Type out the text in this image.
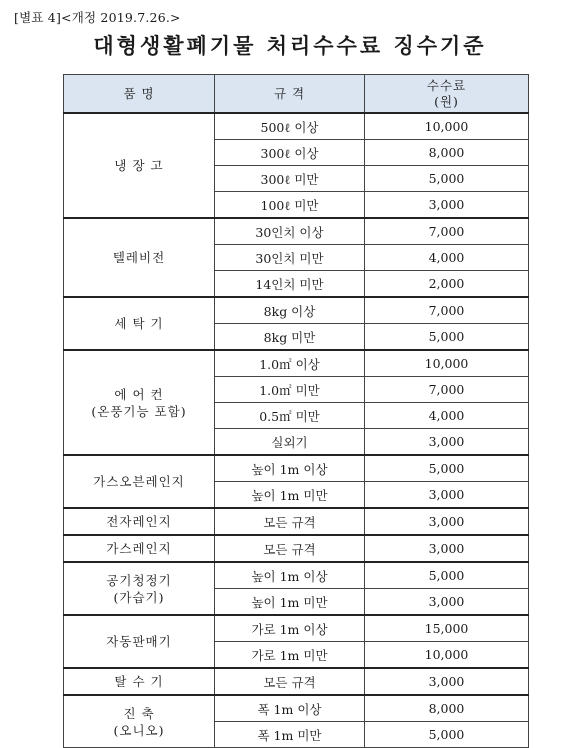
[별표 4]<개정 2019.7.26.>
대형생활폐기물 처리수수료 징수기준
품 명	규 격	수수료
(원)

냉 장 고	500ℓ 이상	10,000
	300ℓ 이상	8,000
	300ℓ 미만	5,000
	100ℓ 미만	3,000

텔레비전	30인치 이상	7,000
	30인치 미만	4,000
	14인치 미만	2,000

세 탁 기	8kg 이상	7,000
	8kg 미만	5,000

에 어 컨
(온풍기능 포함)	1.0㎡ 이상	10,000
	1.0㎡ 미만	7,000
	0.5㎡ 미만	4,000
	실외기	3,000

가스오븐레인지	높이 1m 이상	5,000
	높이 1m 미만	3,000

전자레인지	모든 규격	3,000

가스레인지	모든 규격	3,000

공기청정기
(가습기)	높이 1m 이상	5,000
	높이 1m 미만	3,000

자동판매기	가로 1m 이상	15,000
	가로 1m 미만	10,000

탈 수 기	모든 규격	3,000

진 축
(오니오)	폭 1m 이상	8,000
	폭 1m 미만	5,000
